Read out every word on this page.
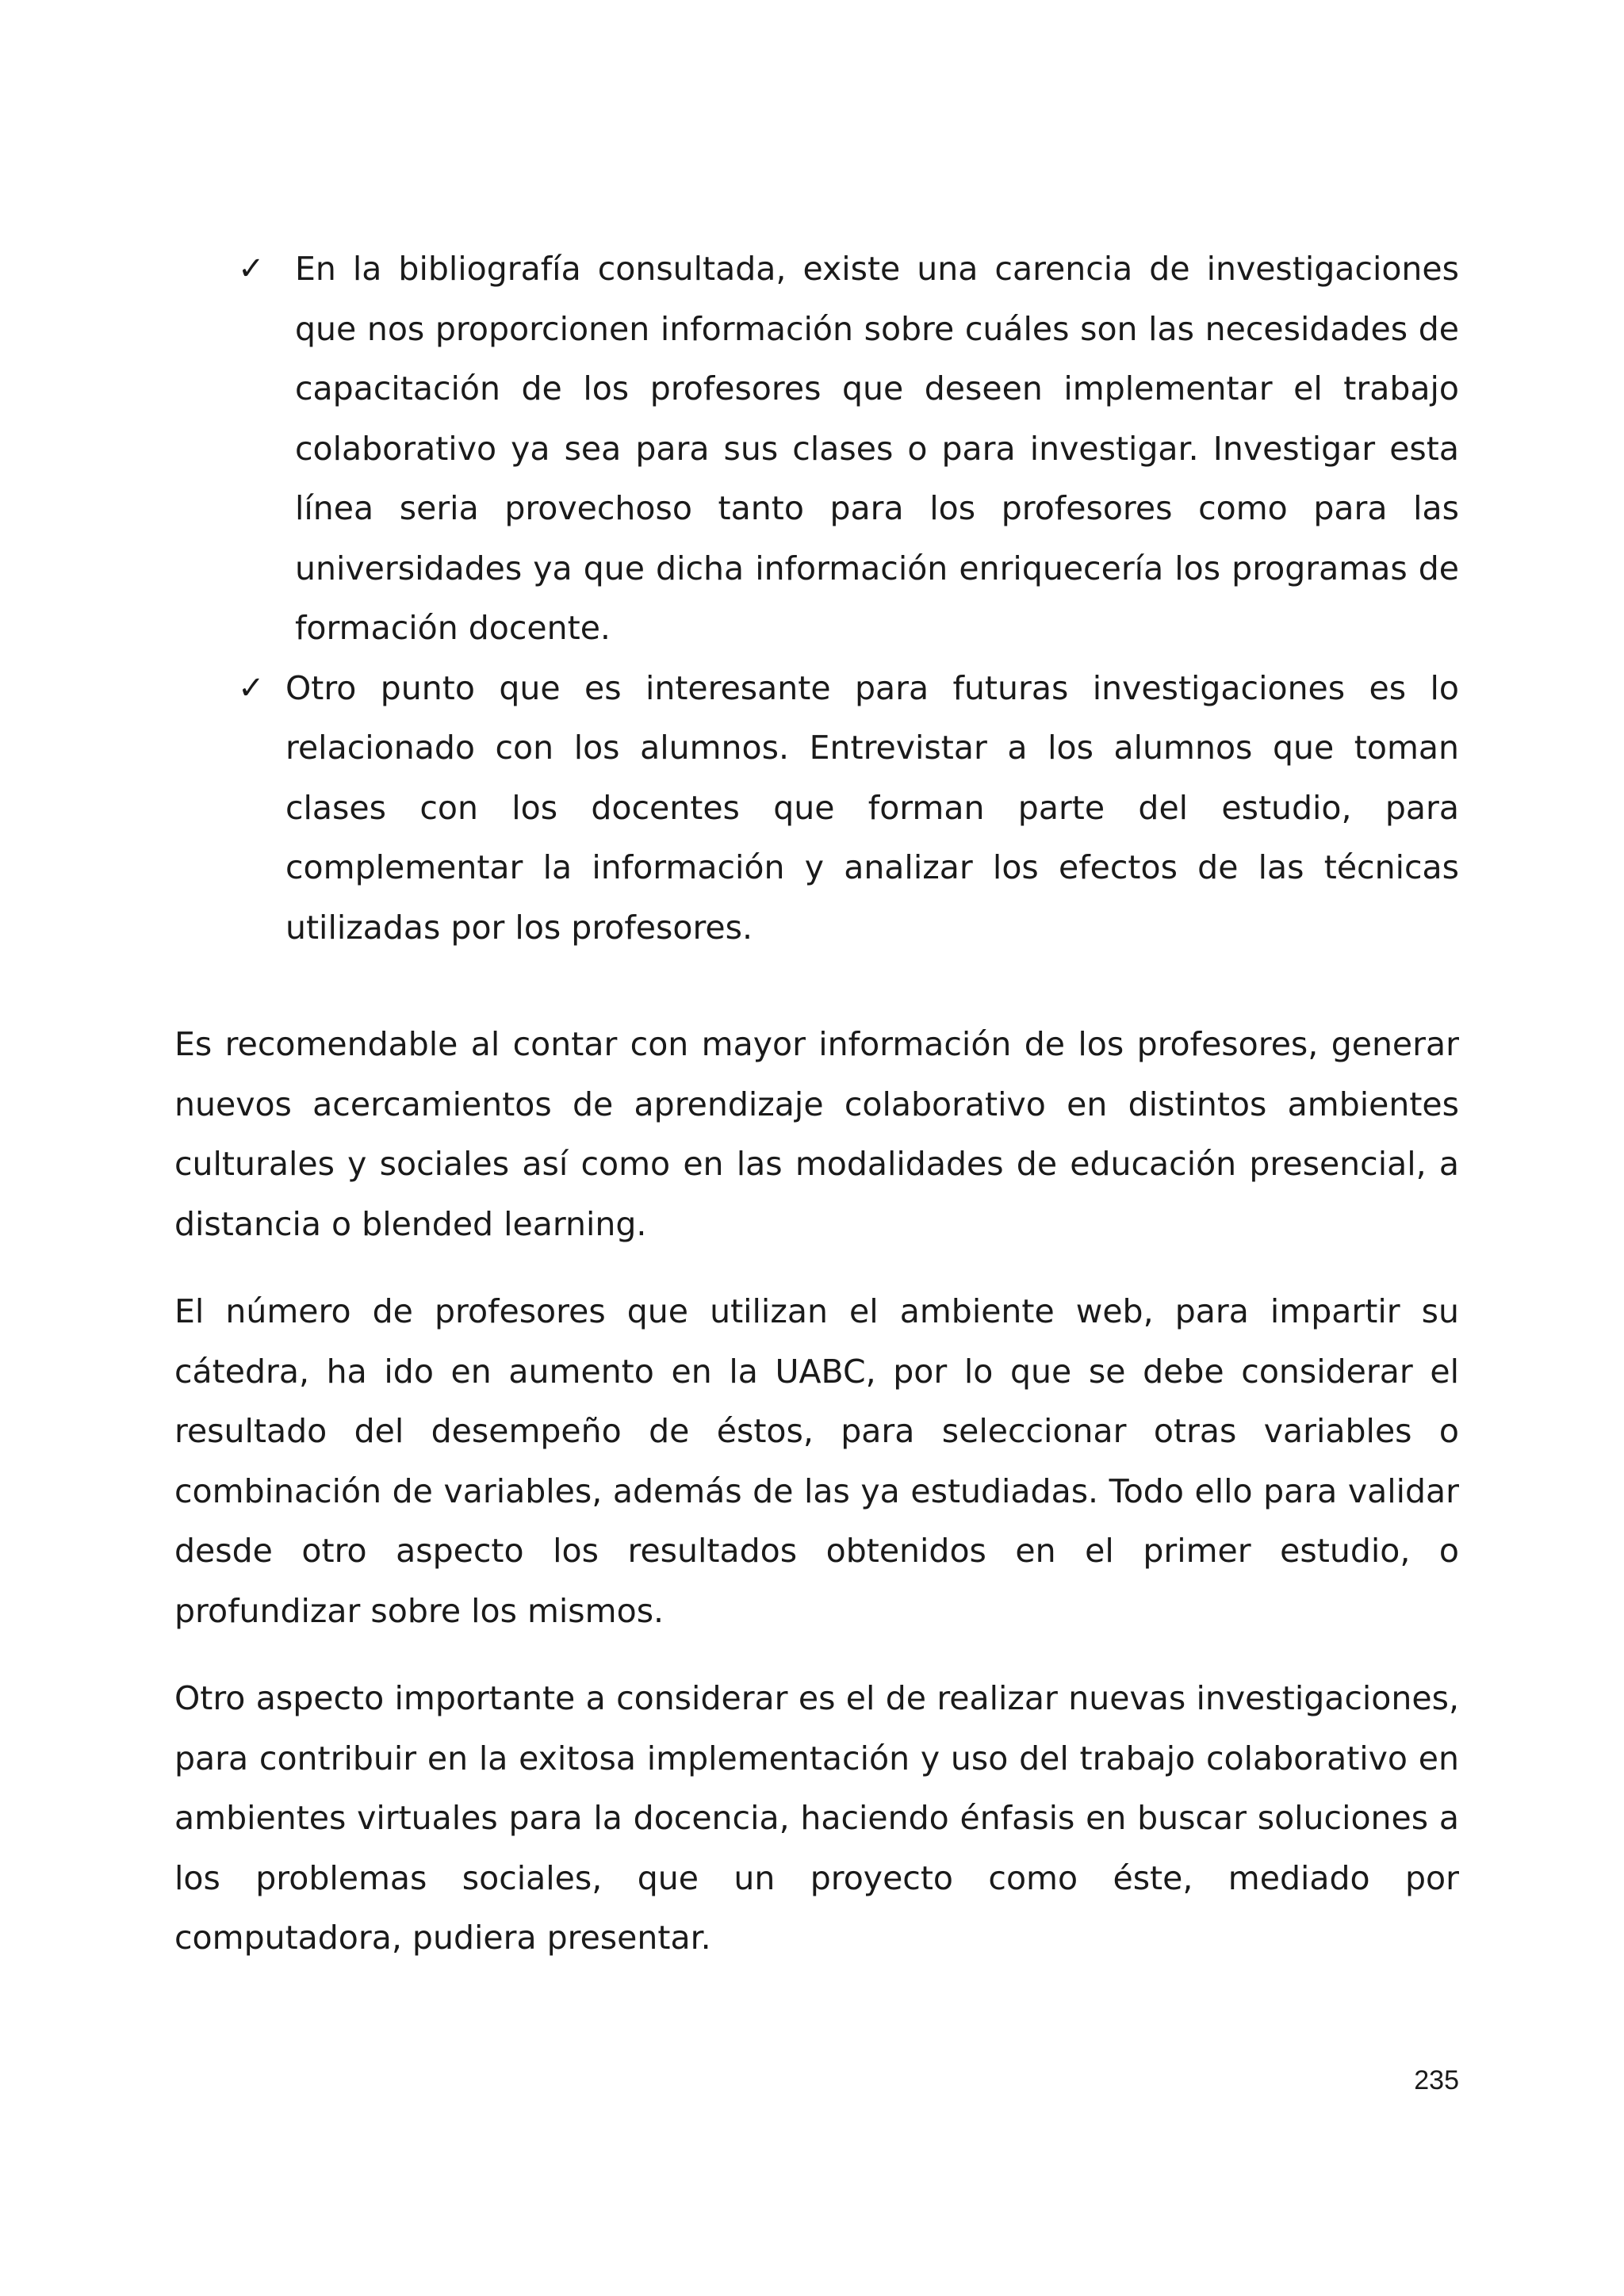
✓ En la bibliografía consultada, existe una carencia de investigaciones que nos proporcionen información sobre cuáles son las necesidades de capacitación de los profesores que deseen implementar el trabajo colaborativo ya sea para sus clases o para investigar. Investigar esta línea seria provechoso tanto para los profesores como para las universidades ya que dicha información enriquecería los programas de formación docente.

✓ Otro punto que es interesante para futuras investigaciones es lo relacionado con los alumnos. Entrevistar a los alumnos que toman clases con los docentes que forman parte del estudio, para complementar la información y analizar los efectos de las técnicas utilizadas por los profesores.

Es recomendable al contar con mayor información de los profesores, generar nuevos acercamientos de aprendizaje colaborativo en distintos ambientes culturales y sociales así como en las modalidades de educación presencial, a distancia o blended learning.

El número de profesores que utilizan el ambiente web, para impartir su cátedra, ha ido en aumento en la UABC, por lo que se debe considerar el resultado del desempeño de éstos, para seleccionar otras variables o combinación de variables, además de las ya estudiadas. Todo ello para validar desde otro aspecto los resultados obtenidos en el primer estudio, o profundizar sobre los mismos.

Otro aspecto importante a considerar es el de realizar nuevas investigaciones, para contribuir en la exitosa implementación y uso del trabajo colaborativo en ambientes virtuales para la docencia, haciendo énfasis en buscar soluciones a los problemas sociales, que un proyecto como éste, mediado por computadora, pudiera presentar.

235
